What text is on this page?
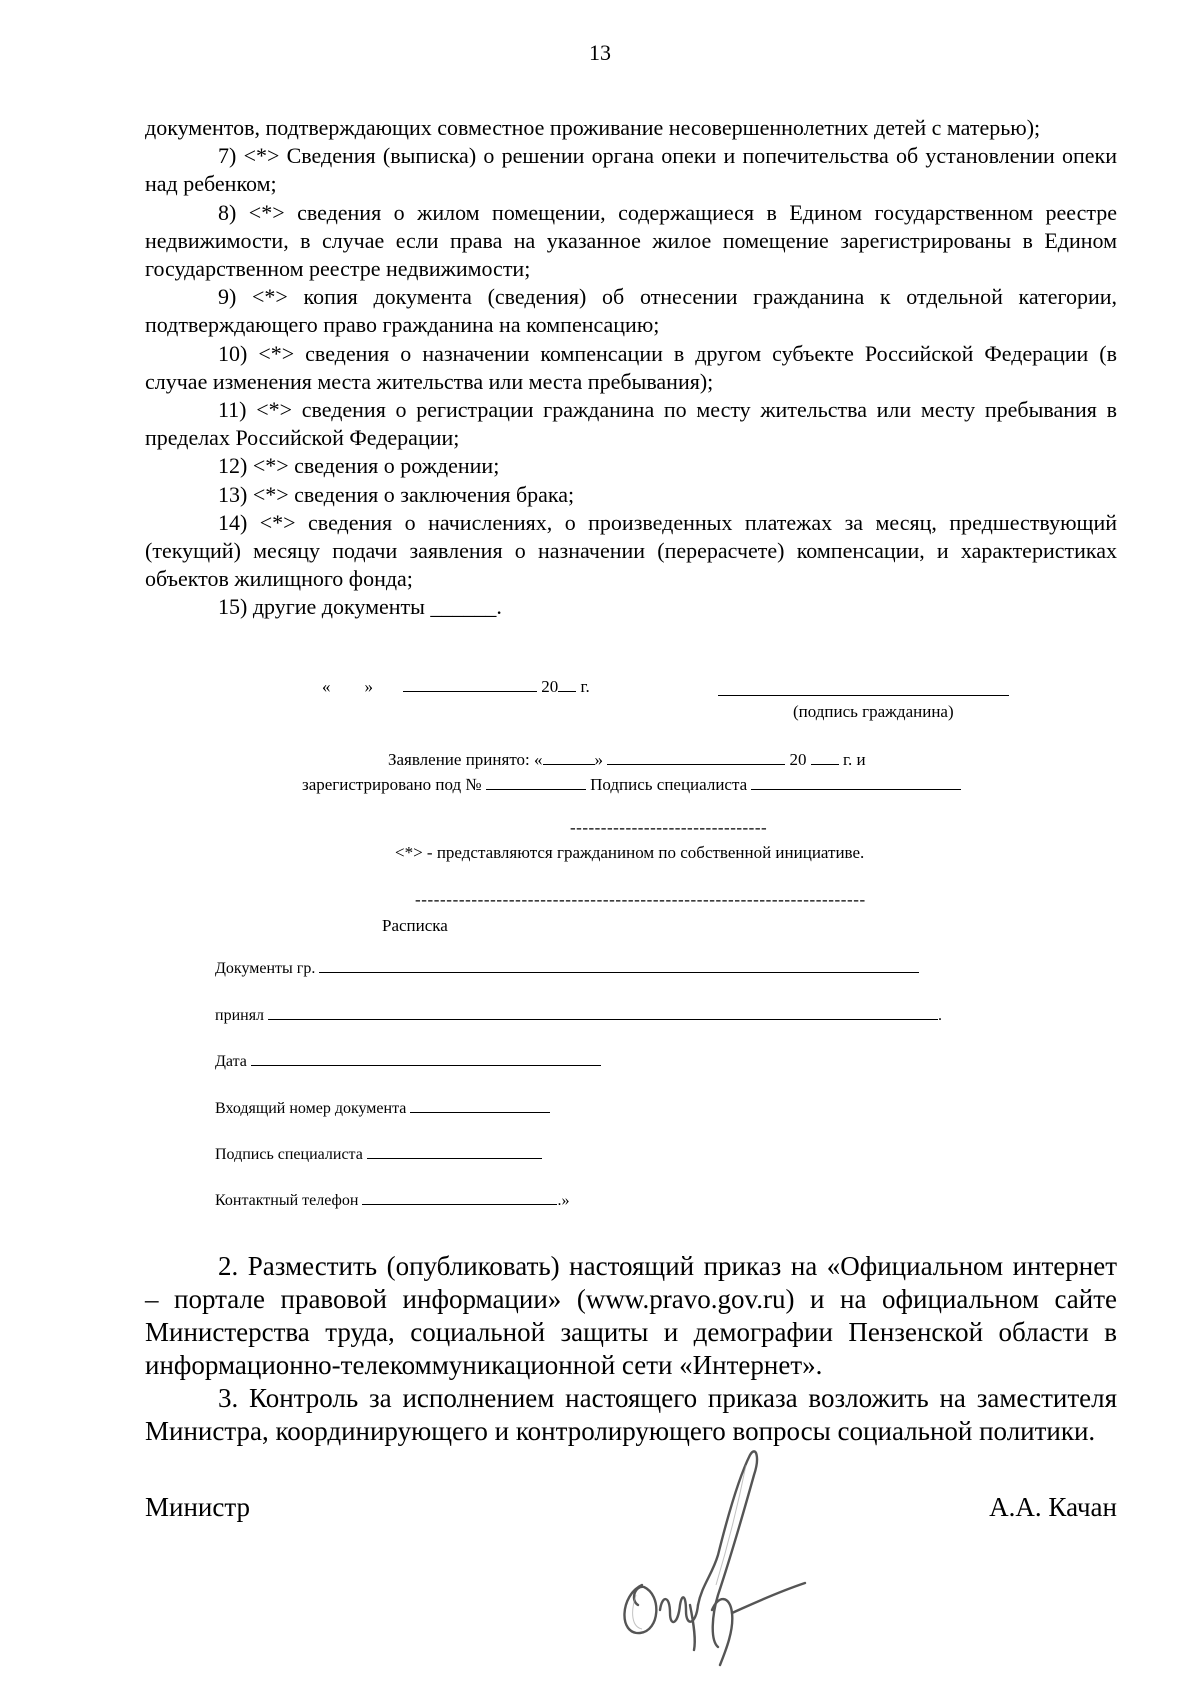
13

документов, подтверждающих совместное проживание несовершеннолетних детей с матерью);

7) <*> Сведения (выписка) о решении органа опеки и попечительства об установлении опеки над ребенком;

8) <*> сведения о жилом помещении, содержащиеся в Едином государственном реестре недвижимости, в случае если права на указанное жилое помещение зарегистрированы в Едином государственном реестре недвижимости;

9) <*> копия документа (сведения) об отнесении гражданина к отдельной категории, подтверждающего право гражданина на компенсацию;

10) <*> сведения о назначении компенсации в другом субъекте Российской Федерации (в случае изменения места жительства или места пребывания);

11) <*> сведения о регистрации гражданина по месту жительства или месту пребывания в пределах Российской Федерации;

12) <*> сведения о рождении;

13) <*> сведения о заключения брака;

14) <*> сведения о начислениях, о произведенных платежах за месяц, предшествующий (текущий) месяцу подачи заявления о назначении (перерасчете) компенсации, и характеристиках объектов жилищного фонда;

15) другие документы ______.

« »	20 г.
(подпись гражданина)
Заявление принято: «	»	20 г. и
зарегистрировано под №	Подпись специалиста
--------------------------------
<*> - представляются гражданином по собственной инициативе.
------------------------------------------------------------------------
Расписка
Документы гр.
принял	.
Дата
Входящий номер документа
Подпись специалиста
Контактный телефон	.»

2. Разместить (опубликовать) настоящий приказ на «Официальном интернет – портале правовой информации» (www.pravo.gov.ru) и на официальном сайте Министерства труда, социальной защиты и демографии Пензенской области в информационно-телекоммуникационной сети «Интернет».

3. Контроль за исполнением настоящего приказа возложить на заместителя Министра, координирующего и контролирующего вопросы социальной политики.

Министр	А.А. Качан
